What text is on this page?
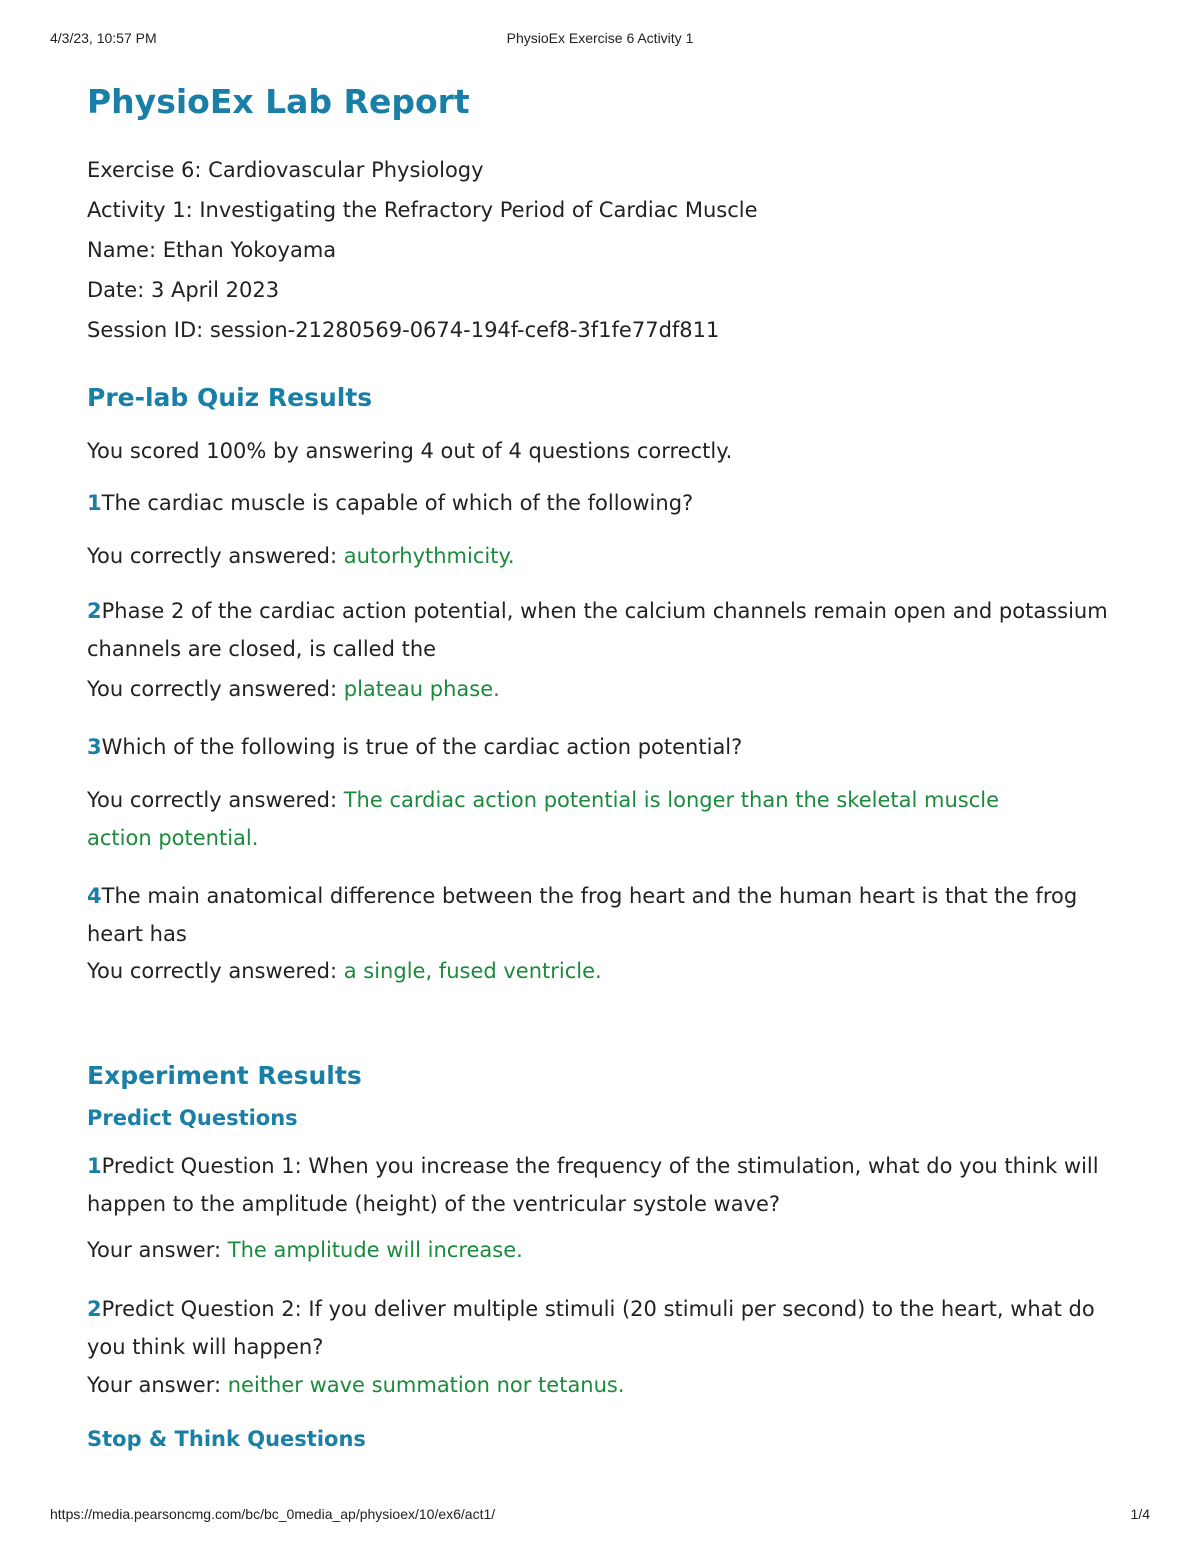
4/3/23, 10:57 PM	PhysioEx Exercise 6 Activity 1
PhysioEx Lab Report
Exercise 6: Cardiovascular Physiology
Activity 1: Investigating the Refractory Period of Cardiac Muscle
Name: Ethan Yokoyama
Date: 3 April 2023
Session ID: session-21280569-0674-194f-cef8-3f1fe77df811
Pre-lab Quiz Results
You scored 100% by answering 4 out of 4 questions correctly.
1The cardiac muscle is capable of which of the following?
You correctly answered: autorhythmicity.
2Phase 2 of the cardiac action potential, when the calcium channels remain open and potassium channels are closed, is called the
You correctly answered: plateau phase.
3Which of the following is true of the cardiac action potential?
You correctly answered: The cardiac action potential is longer than the skeletal muscle action potential.
4The main anatomical difference between the frog heart and the human heart is that the frog heart has
You correctly answered: a single, fused ventricle.
Experiment Results
Predict Questions
1Predict Question 1: When you increase the frequency of the stimulation, what do you think will happen to the amplitude (height) of the ventricular systole wave?
Your answer: The amplitude will increase.
2Predict Question 2: If you deliver multiple stimuli (20 stimuli per second) to the heart, what do you think will happen?
Your answer: neither wave summation nor tetanus.
Stop & Think Questions
https://media.pearsoncmg.com/bc/bc_0media_ap/physioex/10/ex6/act1/	1/4
